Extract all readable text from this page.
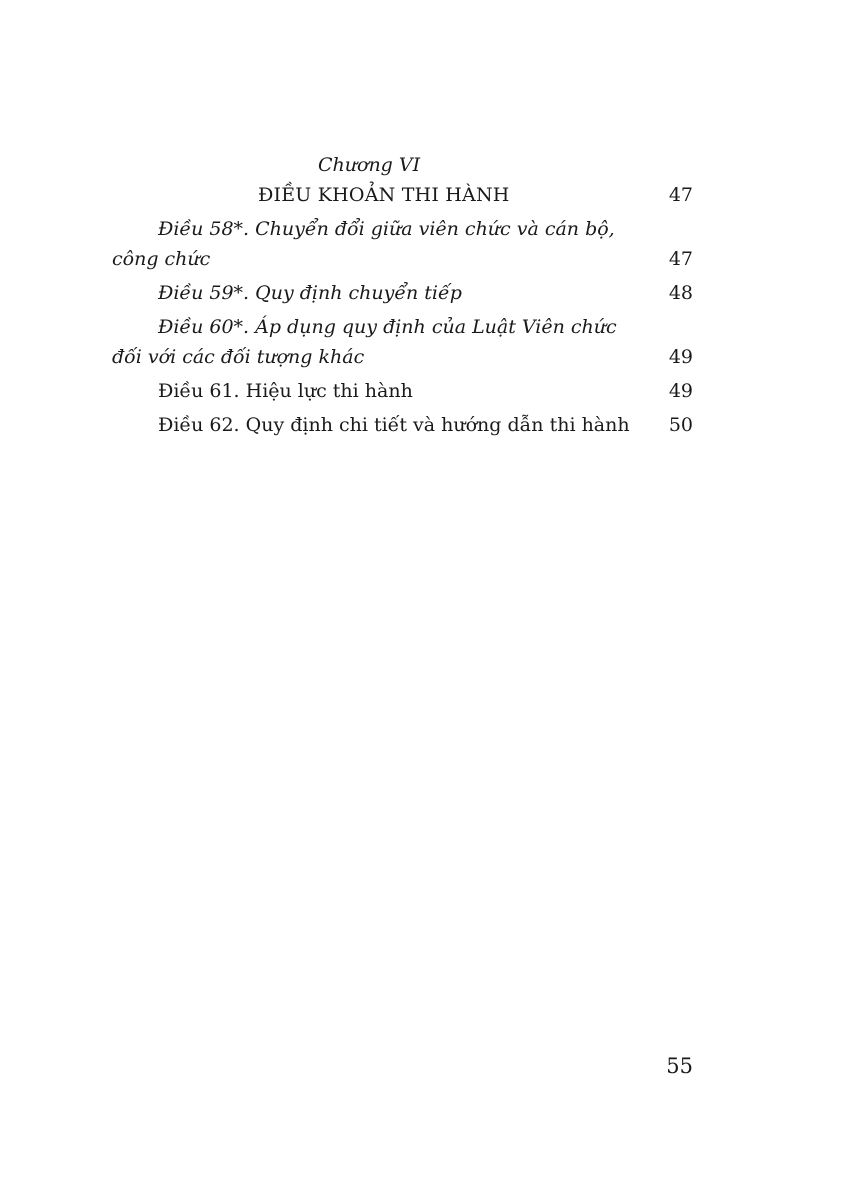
Chương VI
ĐIỀU KHOẢN THI HÀNH	47
Điều 58*. Chuyển đổi giữa viên chức và cán bộ,
công chức	47
Điều 59*. Quy định chuyển tiếp	48
Điều 60*. Áp dụng quy định của Luật Viên chức
đối với các đối tượng khác	49
Điều 61. Hiệu lực thi hành	49
Điều 62. Quy định chi tiết và hướng dẫn thi hành 50
55
